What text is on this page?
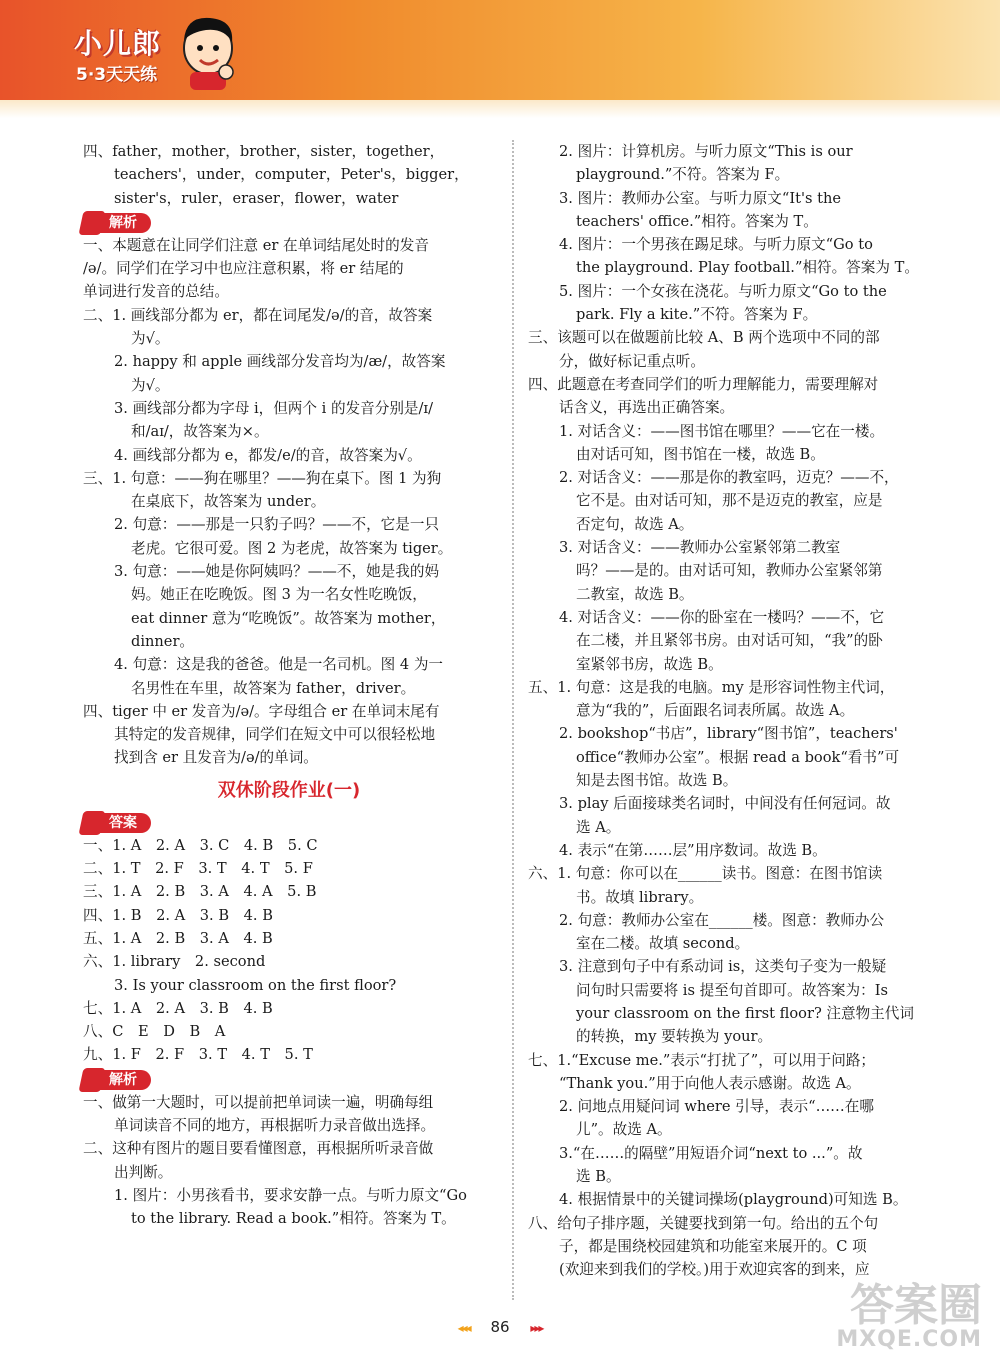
小儿郎
5·3天天练
四、father，mother，brother，sister，together，
teachers'，under，computer，Peter's，bigger，
sister's，ruler，eraser，flower，water
解析
一、本题意在让同学们注意 er 在单词结尾处时的发音
/ə/。同学们在学习中也应注意积累，将 er 结尾的
单词进行发音的总结。
二、1. 画线部分都为 er，都在词尾发/ə/的音，故答案
为√。
2. happy 和 apple 画线部分发音均为/æ/，故答案
为√。
3. 画线部分都为字母 i，但两个 i 的发音分别是/ɪ/
和/aɪ/，故答案为×。
4. 画线部分都为 e，都发/e/的音，故答案为√。
三、1. 句意：——狗在哪里？——狗在桌下。图 1 为狗
在桌底下，故答案为 under。
2. 句意：——那是一只豹子吗？——不，它是一只
老虎。它很可爱。图 2 为老虎，故答案为 tiger。
3. 句意：——她是你阿姨吗？——不，她是我的妈
妈。她正在吃晚饭。图 3 为一名女性吃晚饭，
eat dinner 意为“吃晚饭”。故答案为 mother，
dinner。
4. 句意：这是我的爸爸。他是一名司机。图 4 为一
名男性在车里，故答案为 father，driver。
四、tiger 中 er 发音为/ə/。字母组合 er 在单词末尾有
其特定的发音规律，同学们在短文中可以很轻松地
找到含 er 且发音为/ə/的单词。
双休阶段作业(一)
答案
一、1. A　2. A　3. C　4. B　5. C
二、1. T　2. F　3. T　4. T　5. F
三、1. A　2. B　3. A　4. A　5. B
四、1. B　2. A　3. B　4. B
五、1. A　2. B　3. A　4. B
六、1. library　2. second
3. Is your classroom on the first floor?
七、1. A　2. A　3. B　4. B
八、C　E　D　B　A
九、1. F　2. F　3. T　4. T　5. T
解析
一、做第一大题时，可以提前把单词读一遍，明确每组
单词读音不同的地方，再根据听力录音做出选择。
二、这种有图片的题目要看懂图意，再根据所听录音做
出判断。
1. 图片：小男孩看书，要求安静一点。与听力原文“Go
to the library. Read a book.”相符。答案为 T。
2. 图片：计算机房。与听力原文“This is our
playground.”不符。答案为 F。
3. 图片：教师办公室。与听力原文“It's the
teachers' office.”相符。答案为 T。
4. 图片：一个男孩在踢足球。与听力原文“Go to
the playground. Play football.”相符。答案为 T。
5. 图片：一个女孩在浇花。与听力原文“Go to the
park. Fly a kite.”不符。答案为 F。
三、该题可以在做题前比较 A、B 两个选项中不同的部
分，做好标记重点听。
四、此题意在考查同学们的听力理解能力，需要理解对
话含义，再选出正确答案。
1. 对话含义：——图书馆在哪里？——它在一楼。
由对话可知，图书馆在一楼，故选 B。
2. 对话含义：——那是你的教室吗，迈克？——不，
它不是。由对话可知，那不是迈克的教室，应是
否定句，故选 A。
3. 对话含义：——教师办公室紧邻第二教室
吗？——是的。由对话可知，教师办公室紧邻第
二教室，故选 B。
4. 对话含义：——你的卧室在一楼吗？——不，它
在二楼，并且紧邻书房。由对话可知，“我”的卧
室紧邻书房，故选 B。
五、1. 句意：这是我的电脑。my 是形容词性物主代词，
意为“我的”，后面跟名词表所属。故选 A。
2. bookshop“书店”，library“图书馆”，teachers'
office“教师办公室”。根据 read a book“看书”可
知是去图书馆。故选 B。
3. play 后面接球类名词时，中间没有任何冠词。故
选 A。
4. 表示“在第……层”用序数词。故选 B。
六、1. 句意：你可以在______读书。图意：在图书馆读
书。故填 library。
2. 句意：教师办公室在______楼。图意：教师办公
室在二楼。故填 second。
3. 注意到句子中有系动词 is，这类句子变为一般疑
问句时只需要将 is 提至句首即可。故答案为：Is
your classroom on the first floor? 注意物主代词
的转换，my 要转换为 your。
七、1.“Excuse me.”表示“打扰了”，可以用于问路；
“Thank you.”用于向他人表示感谢。故选 A。
2. 问地点用疑问词 where 引导，表示“……在哪
儿”。故选 A。
3.“在……的隔壁”用短语介词“next to ...”。故
选 B。
4. 根据情景中的关键词操场(playground)可知选 B。
八、给句子排序题，关键要找到第一句。给出的五个句
子，都是围绕校园建筑和功能室来展开的。C 项
(欢迎来到我们的学校。)用于欢迎宾客的到来，应
◂◂◂ 86 ▸▸▸	答案圈
MXQE.COM
